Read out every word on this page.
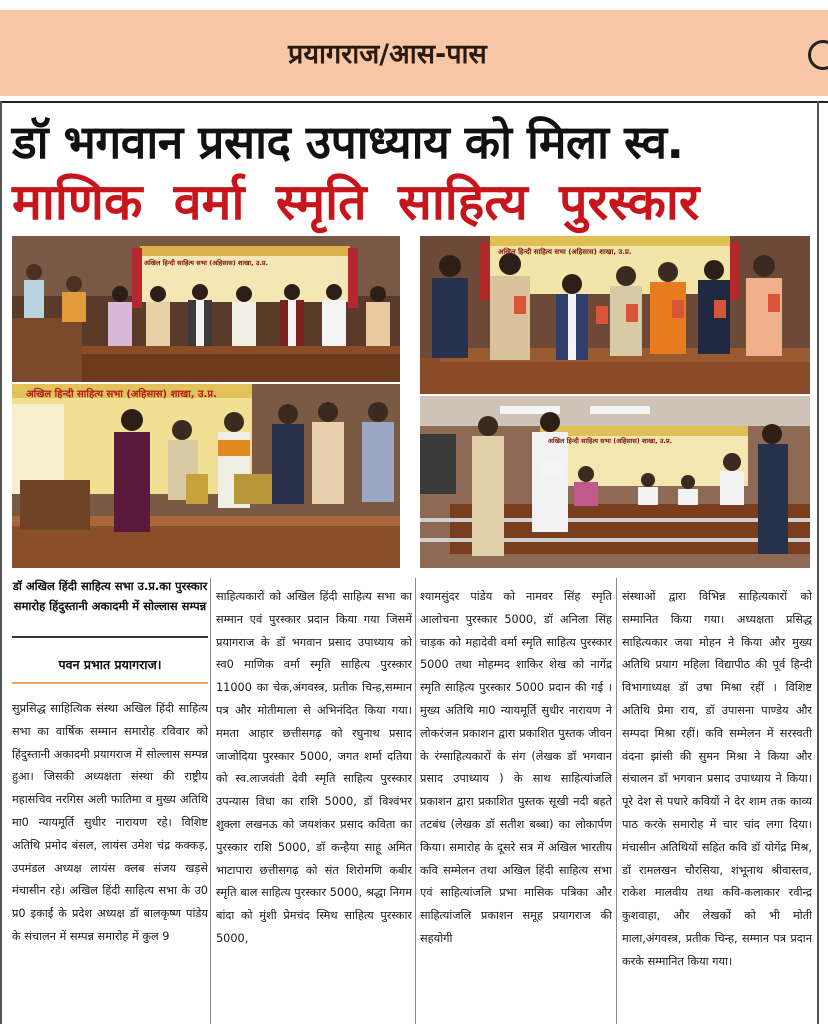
प्रयागराज/आस-पास
डॉ भगवान प्रसाद उपाध्याय को मिला स्व.
माणिक वर्मा स्मृति साहित्य पुरस्कार
अखिल हिन्दी साहित्य सभा (अहिसास) शाखा, उ.प्र.
अखिल हिन्दी साहित्य सभा (अहिसास) शाखा, उ.प्र.
अखिल हिन्दी साहित्य सभा (अहिसास) शाखा, उ.प्र.
अखिल हिन्दी साहित्य सभा (अहिसास) शाखा, उ.प्र.
डॉ अखिल हिंदी साहित्य सभा उ.प्र.का पुरस्कार समारोह हिंदुस्तानी अकादमी में सोल्लास सम्पन्न
पवन प्रभात प्रयागराज।
सुप्रसिद्ध साहित्यिक संस्था अखिल हिंदी साहित्य सभा का वार्षिक सम्मान समारोह रविवार को हिंदुस्तानी अकादमी प्रयागराज में सोल्लास सम्पन्न हुआ। जिसकी अध्यक्षता संस्था की राष्ट्रीय महासचिव नरगिस अली फातिमा व मुख्य अतिथि मा0 न्यायमूर्ति सुधीर नारायण रहे। विशिष्ट अतिथि प्रमोद बंसल, लायंस उमेश चंद्र कक्कड़, उपमंडल अध्यक्ष लायंस क्लब संजय खड़से मंचासीन रहे। अखिल हिंदी साहित्य सभा के उ0 प्र0 इकाई के प्रदेश अध्यक्ष डॉ बालकृष्ण पांडेय के संचालन में सम्पन्न समारोह में कुल 9
साहित्यकारों को अखिल हिंदी साहित्य सभा का सम्मान एवं पुरस्कार प्रदान किया गया जिसमें प्रयागराज के डॉ भगवान प्रसाद उपाध्याय को स्व0 माणिक वर्मा स्मृति साहित्य पुरस्कार 11000 का चेक,अंगवस्त्र, प्रतीक चिन्ह,सम्मान पत्र और मोतीमाला से अभिनंदित किया गया। ममता आहार छत्तीसगढ़ को रघुनाथ प्रसाद जाजोदिया पुरस्कार 5000, जगत शर्मा दतिया को स्व.लाजवंती देवी स्मृति साहित्य पुरस्कार उपन्यास विधा का राशि 5000, डॉ विश्वंभर शुक्ला लखनऊ को जयशंकर प्रसाद कविता का पुरस्कार राशि 5000, डॉ कन्हैया साहू अमित भाटापारा छत्तीसगढ़ को संत शिरोमणि कबीर स्मृति बाल साहित्य पुरस्कार 5000, श्रद्धा निगम बांदा को मुंशी प्रेमचंद स्मिथ साहित्य पुरस्कार 5000,
श्यामसुंदर पांडेय को नामवर सिंह स्मृति आलोचना पुरस्कार 5000, डॉ अनिला सिंह चाड़क को महादेवी वर्मा स्मृति साहित्य पुरस्कार 5000 तथा मोहम्मद शाकिर शेख को नागेंद्र स्मृति साहित्य पुरस्कार 5000 प्रदान की गई । मुख्य अतिथि मा0 न्यायमूर्ति सुधीर नारायण ने लोकरंजन प्रकाशन द्वारा प्रकाशित पुस्तक जीवन के रंग्साहित्यकारों के संग (लेखक डॉ भगवान प्रसाद उपाध्याय ) के साथ साहित्यांजलि प्रकाशन द्वारा प्रकाशित पुस्तक सूखी नदी बहते तटबंध (लेखक डॉ सतीश बब्बा) का लोकार्पण किया। समारोह के दूसरे सत्र में अखिल भारतीय कवि सम्मेलन तथा अखिल हिंदी साहित्य सभा एवं साहित्यांजलि प्रभा मासिक पत्रिका और साहित्यांजलि प्रकाशन समूह प्रयागराज की सहयोगी
संस्थाओं द्वारा विभिन्न साहित्यकारों को सम्मानित किया गया। अध्यक्षता प्रसिद्ध साहित्यकार जया मोहन ने किया और मुख्य अतिथि प्रयाग महिला विद्यापीठ की पूर्व हिन्दी विभागाध्यक्ष डॉ उषा मिश्रा रहीं । विशिष्ट अतिथि प्रेमा राय, डॉ उपासना पाण्डेय और सम्पदा मिश्रा रहीं। कवि सम्मेलन में सरस्वती वंदना झांसी की सुमन मिश्रा ने किया और संचालन डॉ भगवान प्रसाद उपाध्याय ने किया। पूरे देश से पधारे कवियों ने देर शाम तक काव्य पाठ करके समारोह में चार चांद लगा दिया। मंचासीन अतिथियों सहित कवि डॉ योगेंद्र मिश्र, डॉ रामलखन चौरसिया, शंभूनाथ श्रीवास्तव, राकेश मालवीय तथा कवि-कलाकार रवीन्द्र कुशवाहा, और लेखकों को भी मोती माला,अंगवस्त्र, प्रतीक चिन्ह, सम्मान पत्र प्रदान करके सम्मानित किया गया।
